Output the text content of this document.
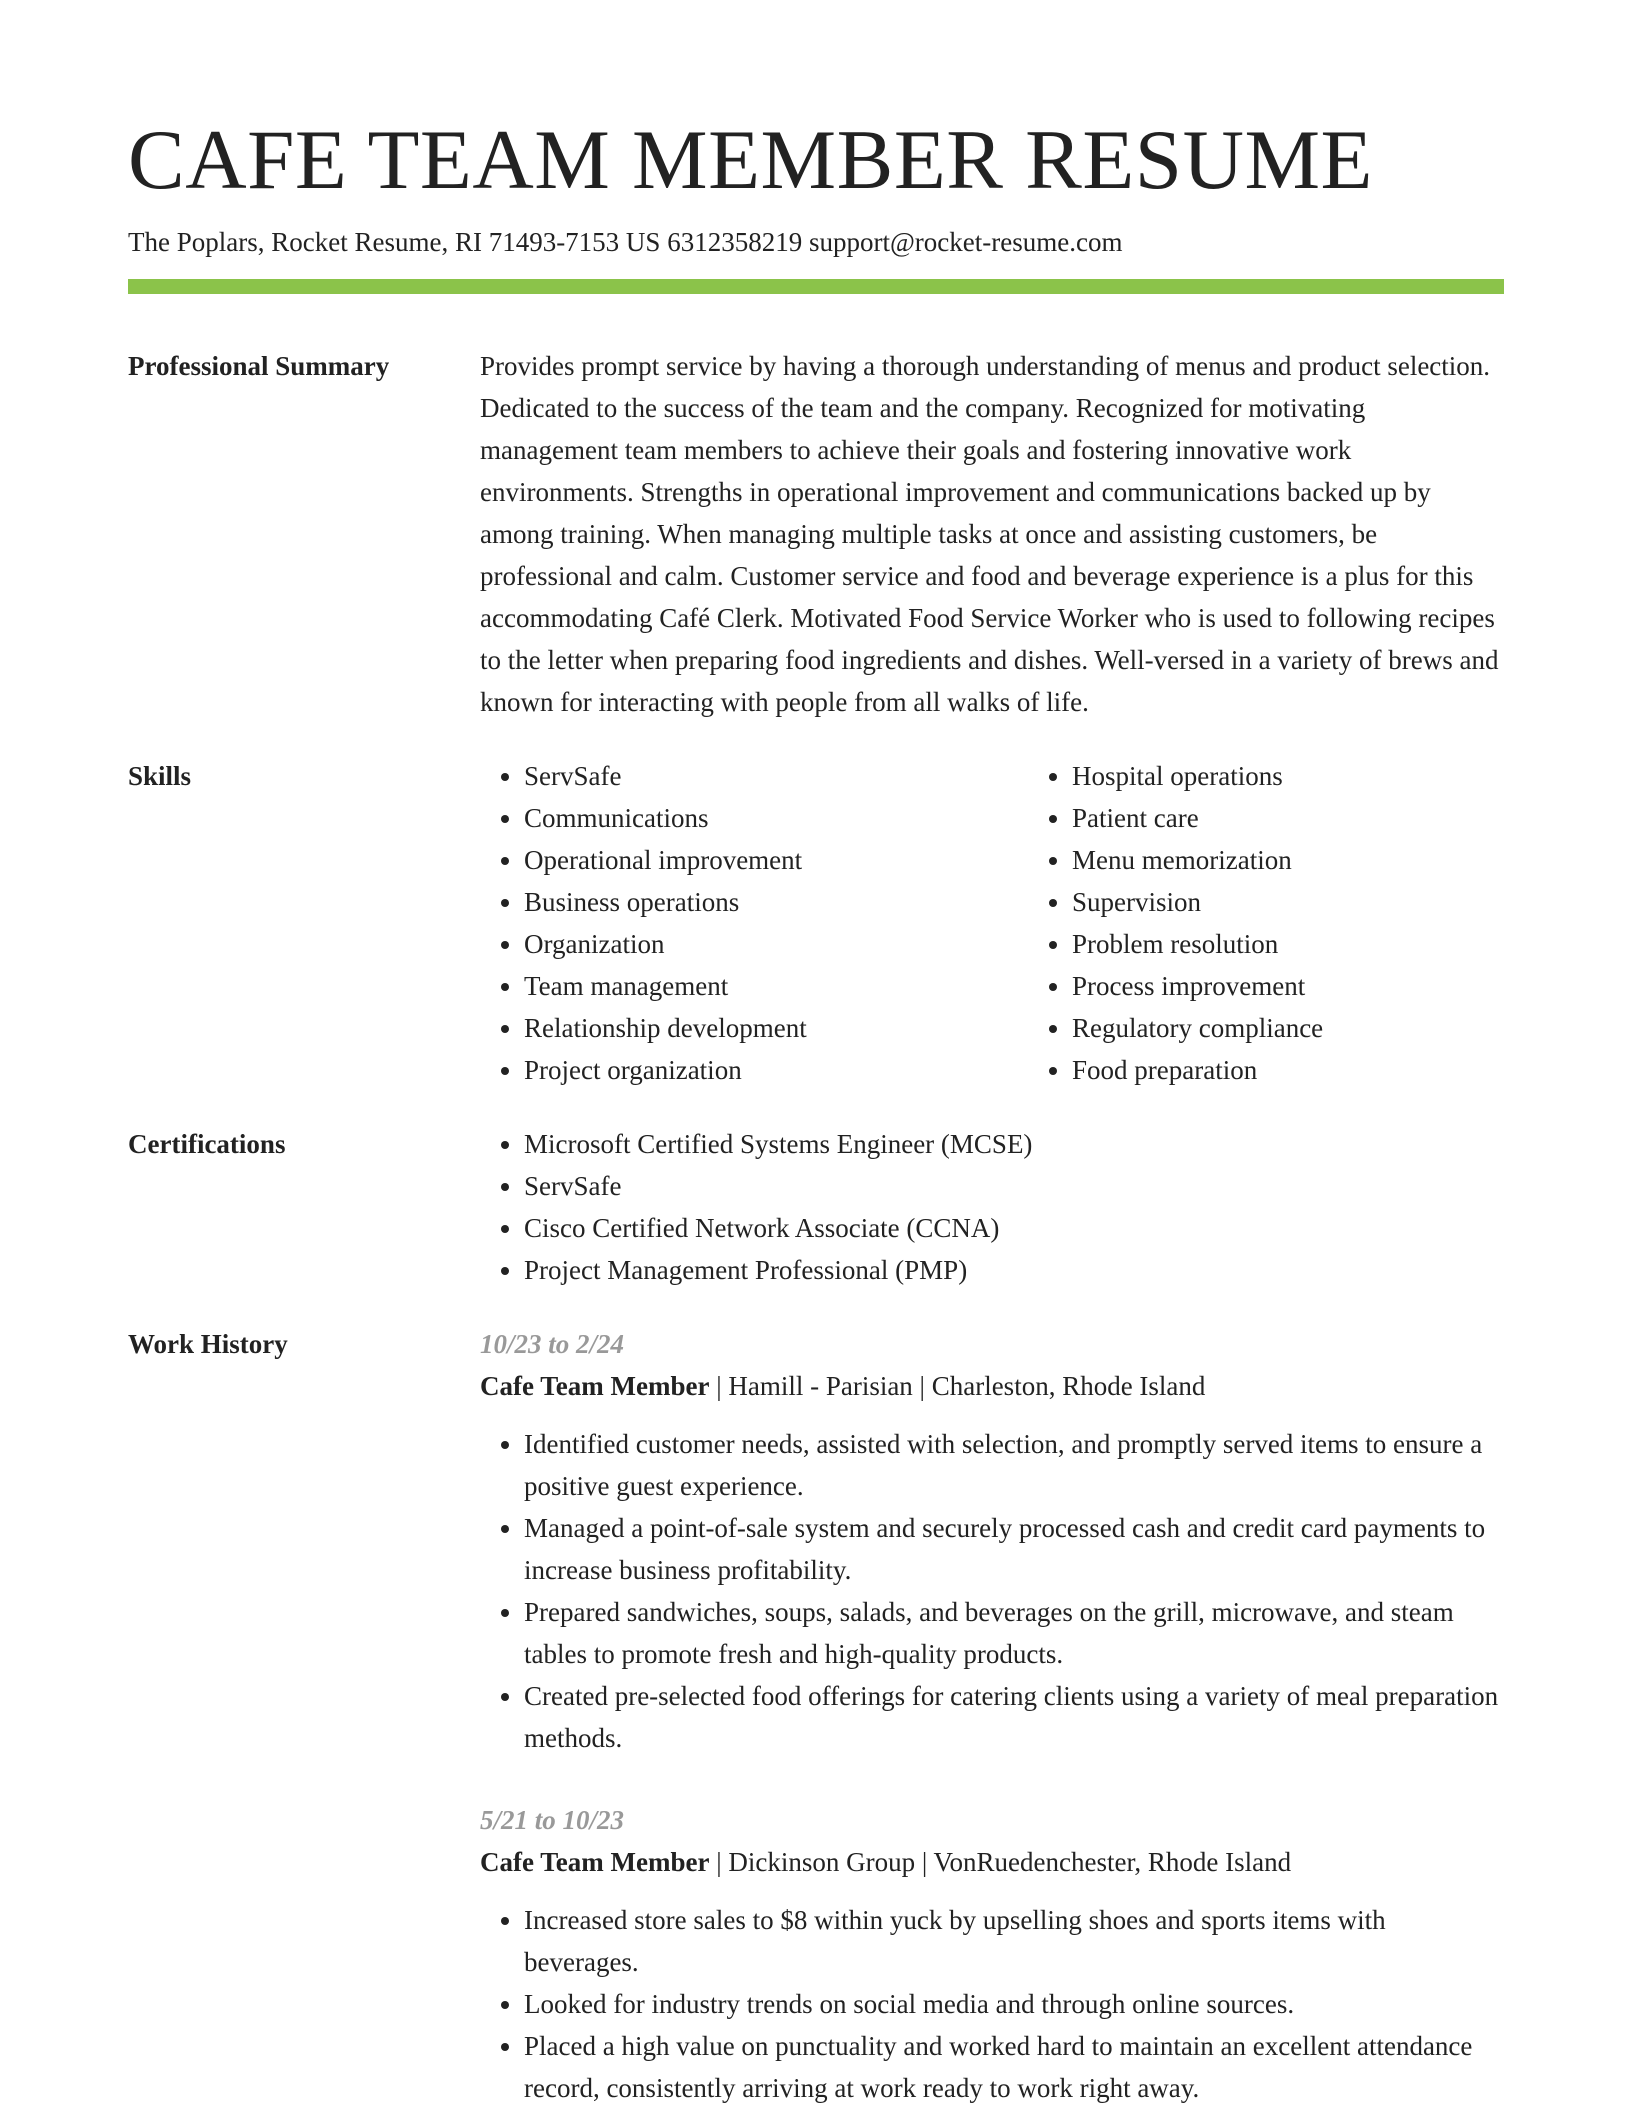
CAFE TEAM MEMBER RESUME
The Poplars, Rocket Resume, RI 71493-7153 US 6312358219 support@rocket-resume.com
Professional Summary	Provides prompt service by having a thorough understanding of menus and product selection. Dedicated to the success of the team and the company. Recognized for motivating management team members to achieve their goals and fostering innovative work environments. Strengths in operational improvement and communications backed up by among training. When managing multiple tasks at once and assisting customers, be professional and calm. Customer service and food and beverage experience is a plus for this accommodating Café Clerk. Motivated Food Service Worker who is used to following recipes to the letter when preparing food ingredients and dishes. Well-versed in a variety of brews and known for interacting with people from all walks of life.
Skills	• ServSafe
• Communications
• Operational improvement
• Business operations
• Organization
• Team management
• Relationship development
• Project organization
• Hospital operations
• Patient care
• Menu memorization
• Supervision
• Problem resolution
• Process improvement
• Regulatory compliance
• Food preparation
Certifications	• Microsoft Certified Systems Engineer (MCSE)
• ServSafe
• Cisco Certified Network Associate (CCNA)
• Project Management Professional (PMP)
Work History	10/23 to 2/24
Cafe Team Member | Hamill - Parisian | Charleston, Rhode Island
• Identified customer needs, assisted with selection, and promptly served items to ensure a positive guest experience.
• Managed a point-of-sale system and securely processed cash and credit card payments to increase business profitability.
• Prepared sandwiches, soups, salads, and beverages on the grill, microwave, and steam tables to promote fresh and high-quality products.
• Created pre-selected food offerings for catering clients using a variety of meal preparation methods.
5/21 to 10/23
Cafe Team Member | Dickinson Group | VonRuedenchester, Rhode Island
• Increased store sales to $8 within yuck by upselling shoes and sports items with beverages.
• Looked for industry trends on social media and through online sources.
• Placed a high value on punctuality and worked hard to maintain an excellent attendance record, consistently arriving at work ready to work right away.
